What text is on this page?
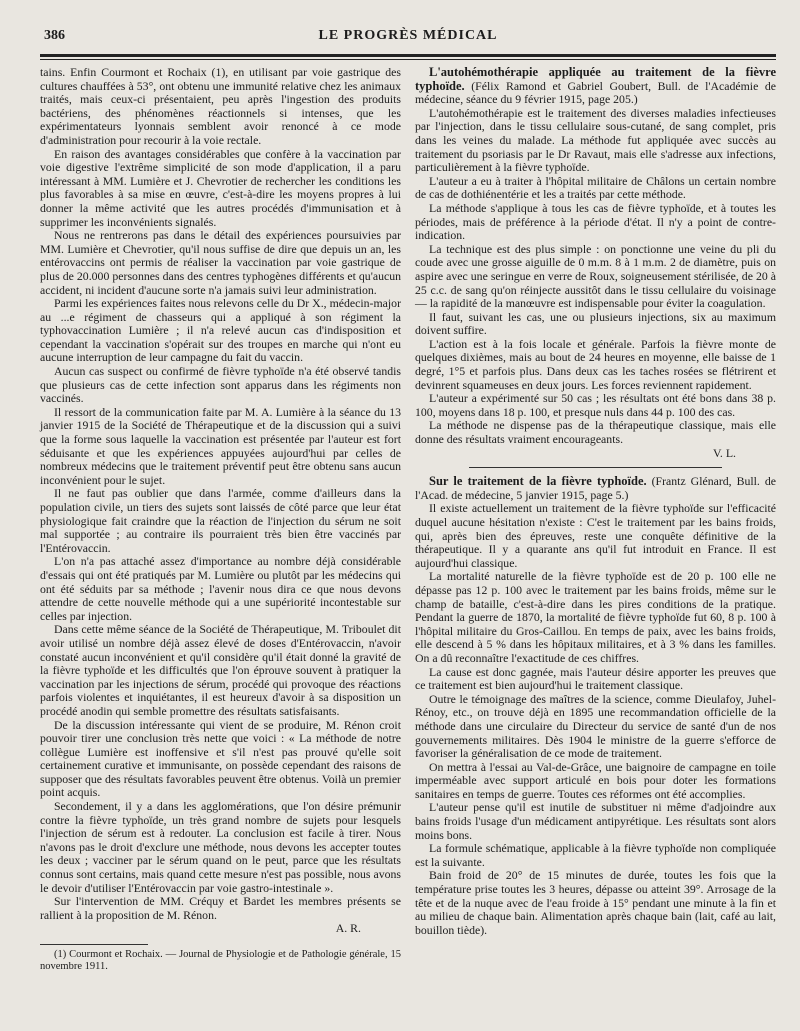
386	LE PROGRÈS MÉDICAL

tains. Enfin Courmont et Rochaix (1), en utilisant par voie gastrique des cultures chauffées à 53°, ont obtenu une immunité relative chez les animaux traités, mais ceux-ci présentaient, peu après l'ingestion des produits bactériens, des phénomènes réactionnels si intenses, que les expérimentateurs lyonnais semblent avoir renoncé à ce mode d'administration pour recourir à la voie rectale.

En raison des avantages considérables que confère à la vaccination par voie digestive l'extrême simplicité de son mode d'application, il a paru intéressant à MM. Lumière et J. Chevrotier de rechercher les conditions les plus favorables à sa mise en œuvre, c'est-à-dire les moyens propres à lui donner la même activité que les autres procédés d'immunisation et à supprimer les inconvénients signalés.

Nous ne rentrerons pas dans le détail des expériences poursuivies par MM. Lumière et Chevrotier, qu'il nous suffise de dire que depuis un an, les entérovaccins ont permis de réaliser la vaccination par voie gastrique de plus de 20.000 personnes dans des centres typhogènes différents et qu'aucun accident, ni incident d'aucune sorte n'a jamais suivi leur administration.

Parmi les expériences faites nous relevons celle du Dr X., médecin-major au ...e régiment de chasseurs qui a appliqué à son régiment la typhovaccination Lumière ; il n'a relevé aucun cas d'indisposition et cependant la vaccination s'opérait sur des troupes en marche qui n'ont eu aucune interruption de leur campagne du fait du vaccin.

Aucun cas suspect ou confirmé de fièvre typhoïde n'a été observé tandis que plusieurs cas de cette infection sont apparus dans les régiments non vaccinés.

Il ressort de la communication faite par M. A. Lumière à la séance du 13 janvier 1915 de la Société de Thérapeutique et de la discussion qui a suivi que la forme sous laquelle la vaccination est présentée par l'auteur est fort séduisante et que les expériences appuyées aujourd'hui par celles de nombreux médecins que le traitement préventif peut être obtenu sans aucun inconvénient pour le sujet.

Il ne faut pas oublier que dans l'armée, comme d'ailleurs dans la population civile, un tiers des sujets sont laissés de côté parce que leur état physiologique fait craindre que la réaction de l'injection du sérum ne soit mal supportée ; au contraire ils pourraient très bien être vaccinés par l'Entérovaccin.

L'on n'a pas attaché assez d'importance au nombre déjà considérable d'essais qui ont été pratiqués par M. Lumière ou plutôt par les médecins qui ont été séduits par sa méthode ; l'avenir nous dira ce que nous devons attendre de cette nouvelle méthode qui a une supériorité incontestable sur celles par injection.

Dans cette même séance de la Société de Thérapeutique, M. Triboulet dit avoir utilisé un nombre déjà assez élevé de doses d'Entérovaccin, n'avoir constaté aucun inconvénient et qu'il considère qu'il était donné la gravité de la fièvre typhoïde et les difficultés que l'on éprouve souvent à pratiquer la vaccination par les injections de sérum, procédé qui provoque des réactions parfois violentes et inquiétantes, il est heureux d'avoir à sa disposition un procédé anodin qui semble promettre des résultats satisfaisants.

De la discussion intéressante qui vient de se produire, M. Rénon croit pouvoir tirer une conclusion très nette que voici : « La méthode de notre collègue Lumière est inoffensive et s'il n'est pas prouvé qu'elle soit certainement curative et immunisante, on possède cependant des raisons de supposer que des résultats favorables peuvent être obtenus. Voilà un premier point acquis.

Secondement, il y a dans les agglomérations, que l'on désire prémunir contre la fièvre typhoïde, un très grand nombre de sujets pour lesquels l'injection de sérum est à redouter. La conclusion est facile à tirer. Nous n'avons pas le droit d'exclure une méthode, nous devons les accepter toutes les deux ; vacciner par le sérum quand on le peut, parce que les résultats connus sont certains, mais quand cette mesure n'est pas possible, nous avons le devoir d'utiliser l'Entérovaccin par voie gastro-intestinale ».

Sur l'intervention de MM. Créquy et Bardet les membres présents se rallient à la proposition de M. Rénon.

A. R.

(1) Courmont et Rochaix. — Journal de Physiologie et de Pathologie générale, 15 novembre 1911.

L'autohémothérapie appliquée au traitement de la fièvre typhoïde. (Félix Ramond et Gabriel Goubert, Bull. de l'Académie de médecine, séance du 9 février 1915, page 205.)

L'autohémothérapie est le traitement des diverses maladies infectieuses par l'injection, dans le tissu cellulaire sous-cutané, de sang complet, pris dans les veines du malade. La méthode fut appliquée avec succès au traitement du psoriasis par le Dr Ravaut, mais elle s'adresse aux infections, particulièrement à la fièvre typhoïde.

L'auteur a eu à traiter à l'hôpital militaire de Châlons un certain nombre de cas de dothiénentérie et les a traités par cette méthode.

La méthode s'applique à tous les cas de fièvre typhoïde, et à toutes les périodes, mais de préférence à la période d'état. Il n'y a point de contre-indication.

La technique est des plus simple : on ponctionne une veine du pli du coude avec une grosse aiguille de 0 m.m. 8 à 1 m.m. 2 de diamètre, puis on aspire avec une seringue en verre de Roux, soigneusement stérilisée, de 20 à 25 c.c. de sang qu'on réinjecte aussitôt dans le tissu cellulaire du voisinage — la rapidité de la manœuvre est indispensable pour éviter la coagulation.

Il faut, suivant les cas, une ou plusieurs injections, six au maximum doivent suffire.

L'action est à la fois locale et générale. Parfois la fièvre monte de quelques dixièmes, mais au bout de 24 heures en moyenne, elle baisse de 1 degré, 1°5 et parfois plus. Dans deux cas les taches rosées se flétrirent et devinrent squameuses en deux jours. Les forces reviennent rapidement.

L'auteur a expérimenté sur 50 cas ; les résultats ont été bons dans 38 p. 100, moyens dans 18 p. 100, et presque nuls dans 44 p. 100 des cas.

La méthode ne dispense pas de la thérapeutique classique, mais elle donne des résultats vraiment encourageants.

V. L.

Sur le traitement de la fièvre typhoïde. (Frantz Glénard, Bull. de l'Acad. de médecine, 5 janvier 1915, page 5.)

Il existe actuellement un traitement de la fièvre typhoïde sur l'efficacité duquel aucune hésitation n'existe : C'est le traitement par les bains froids, qui, après bien des épreuves, reste une conquête définitive de la thérapeutique. Il y a quarante ans qu'il fut introduit en France. Il est aujourd'hui classique.

La mortalité naturelle de la fièvre typhoïde est de 20 p. 100 elle ne dépasse pas 12 p. 100 avec le traitement par les bains froids, même sur le champ de bataille, c'est-à-dire dans les pires conditions de la pratique. Pendant la guerre de 1870, la mortalité de fièvre typhoïde fut 60, 8 p. 100 à l'hôpital militaire du Gros-Caillou. En temps de paix, avec les bains froids, elle descend à 5 % dans les hôpitaux militaires, et à 3 % dans les familles. On a dû reconnaître l'exactitude de ces chiffres.

La cause est donc gagnée, mais l'auteur désire apporter les preuves que ce traitement est bien aujourd'hui le traitement classique.

Outre le témoignage des maîtres de la science, comme Dieulafoy, Juhel-Rénoy, etc., on trouve déjà en 1895 une recommandation officielle de la méthode dans une circulaire du Directeur du service de santé d'un de nos gouvernements militaires. Dès 1904 le ministre de la guerre s'efforce de favoriser la généralisation de ce mode de traitement.

On mettra à l'essai au Val-de-Grâce, une baignoire de campagne en toile imperméable avec support articulé en bois pour doter les formations sanitaires en temps de guerre. Toutes ces réformes ont été accomplies.

L'auteur pense qu'il est inutile de substituer ni même d'adjoindre aux bains froids l'usage d'un médicament antipyrétique. Les résultats sont alors moins bons.

La formule schématique, applicable à la fièvre typhoïde non compliquée est la suivante.

Bain froid de 20° de 15 minutes de durée, toutes les fois que la température prise toutes les 3 heures, dépasse ou atteint 39°. Arrosage de la tête et de la nuque avec de l'eau froide à 15° pendant une minute à la fin et au milieu de chaque bain. Alimentation après chaque bain (lait, café au lait, bouillon tiède).
